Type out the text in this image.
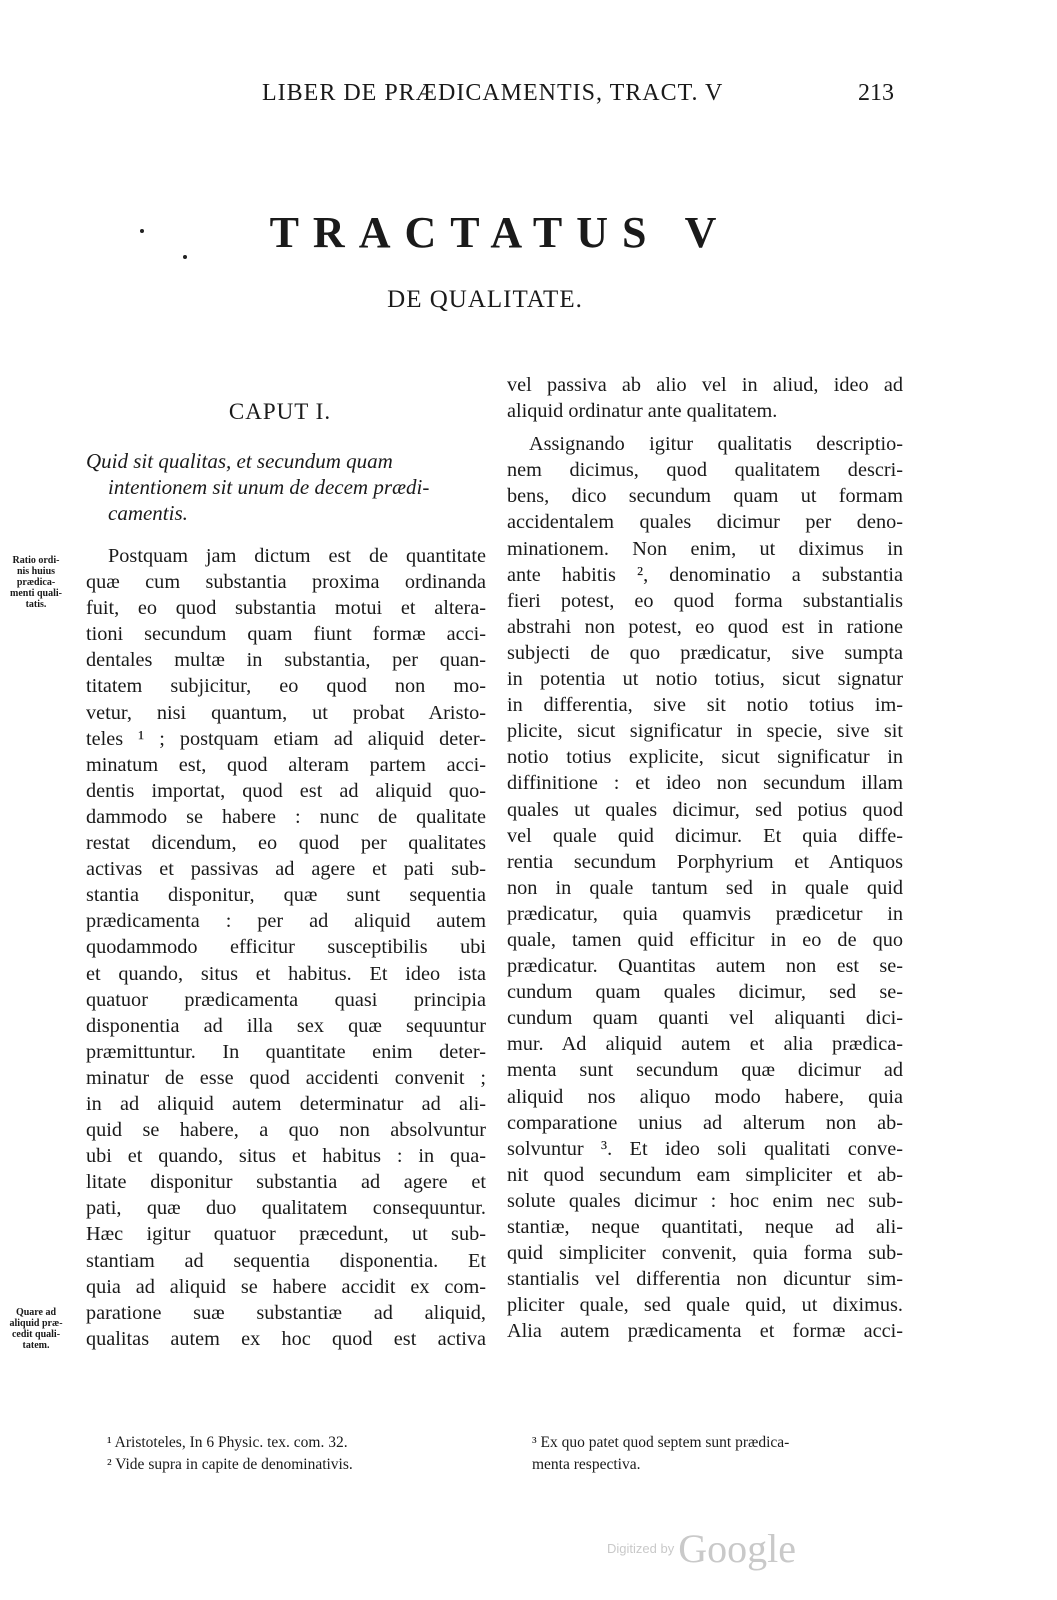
LIBER DE PRÆDICAMENTIS, TRACT. V	213
TRACTATUS V
DE QUALITATE.
CAPUT I.
Quid sit qualitas, et secundum quam
intentionem sit unum de decem prædi-
camentis.
Ratio ordi-
nis huius
prædica-
menti quali-
tatis.
Quare ad
aliquid præ-
cedit quali-
tatem.
Postquam jam dictum est de quantitate
quæ cum substantia proxima ordinanda
fuit, eo quod substantia motui et altera-
tioni secundum quam fiunt formæ acci-
dentales multæ in substantia, per quan-
titatem subjicitur, eo quod non mo-
vetur, nisi quantum, ut probat Aristo-
teles ¹ ; postquam etiam ad aliquid deter-
minatum est, quod alteram partem acci-
dentis importat, quod est ad aliquid quo-
dammodo se habere : nunc de qualitate
restat dicendum, eo quod per qualitates
activas et passivas ad agere et pati sub-
stantia disponitur, quæ sunt sequentia
prædicamenta : per ad aliquid autem
quodammodo efficitur susceptibilis ubi
et quando, situs et habitus. Et ideo ista
quatuor prædicamenta quasi principia
disponentia ad illa sex quæ sequuntur
præmittuntur. In quantitate enim deter-
minatur de esse quod accidenti convenit ;
in ad aliquid autem determinatur ad ali-
quid se habere, a quo non absolvuntur
ubi et quando, situs et habitus : in qua-
litate disponitur substantia ad agere et
pati, quæ duo qualitatem consequuntur.
Hæc igitur quatuor præcedunt, ut sub-
stantiam ad sequentia disponentia. Et
quia ad aliquid se habere accidit ex com-
paratione suæ substantiæ ad aliquid,
qualitas autem ex hoc quod est activa
vel passiva ab alio vel in aliud, ideo ad
aliquid ordinatur ante qualitatem.
Assignando igitur qualitatis descriptio-
nem dicimus, quod qualitatem descri-
bens, dico secundum quam ut formam
accidentalem quales dicimur per deno-
minationem. Non enim, ut diximus in
ante habitis ², denominatio a substantia
fieri potest, eo quod forma substantialis
abstrahi non potest, eo quod est in ratione
subjecti de quo prædicatur, sive sumpta
in potentia ut notio totius, sicut signatur
in differentia, sive sit notio totius im-
plicite, sicut significatur in specie, sive sit
notio totius explicite, sicut significatur in
diffinitione : et ideo non secundum illam
quales ut quales dicimur, sed potius quod
vel quale quid dicimur. Et quia diffe-
rentia secundum Porphyrium et Antiquos
non in quale tantum sed in quale quid
prædicatur, quia quamvis prædicetur in
quale, tamen quid efficitur in eo de quo
prædicatur. Quantitas autem non est se-
cundum quam quales dicimur, sed se-
cundum quam quanti vel aliquanti dici-
mur. Ad aliquid autem et alia prædica-
menta sunt secundum quæ dicimur ad
aliquid nos aliquo modo habere, quia
comparatione unius ad alterum non ab-
solvuntur ³. Et ideo soli qualitati conve-
nit quod secundum eam simpliciter et ab-
solute quales dicimur : hoc enim nec sub-
stantiæ, neque quantitati, neque ad ali-
quid simpliciter convenit, quia forma sub-
stantialis vel differentia non dicuntur sim-
pliciter quale, sed quale quid, ut diximus.
Alia autem prædicamenta et formæ acci-
¹ Aristoteles, In 6 Physic. tex. com. 32.
² Vide supra in capite de denominativis.
³ Ex quo patet quod septem sunt prædica-
menta respectiva.
Digitized by Google
